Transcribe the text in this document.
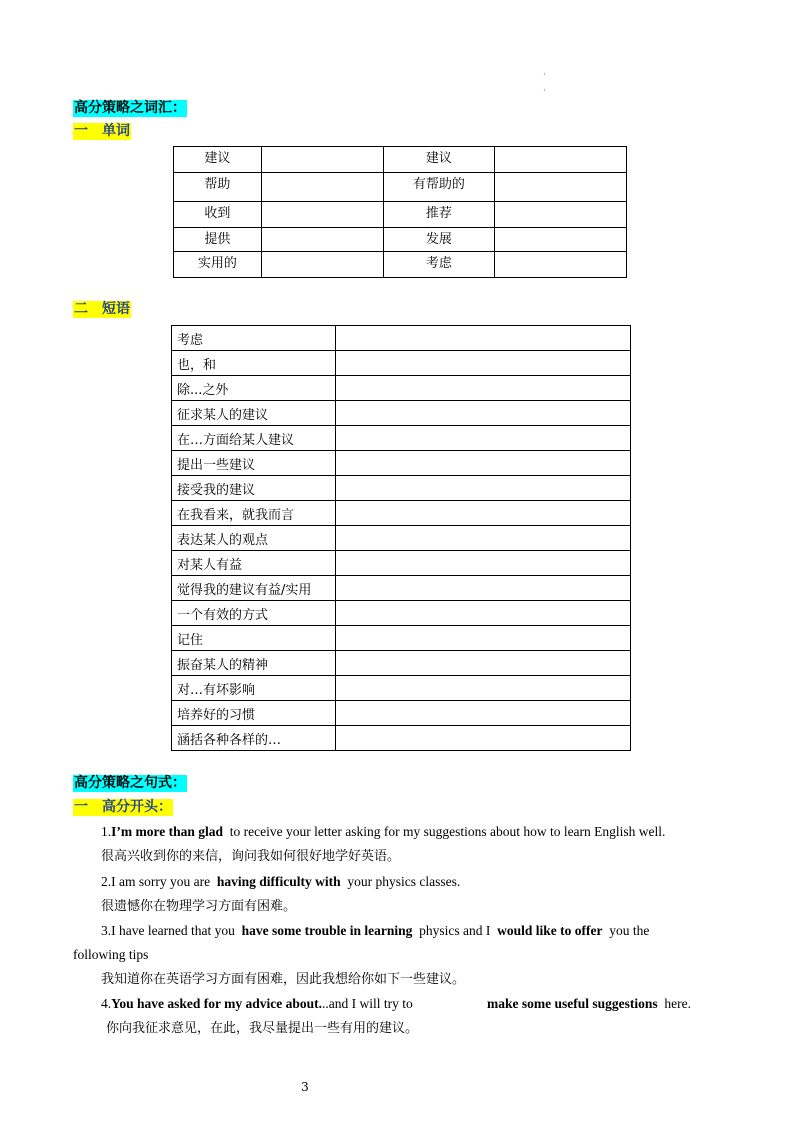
·
·
高分策略之词汇：
一 单词
建议		建议	
帮助		有帮助的	
收到		推荐	
提供		发展	
实用的		考虑	
二 短语
考虑	
也，和	
除...之外	
征求某人的建议	
在…方面给某人建议	
提出一些建议	
接受我的建议	
在我看来，就我而言	
表达某人的观点	
对某人有益	
觉得我的建议有益/实用	
一个有效的方式	
记住	
振奋某人的精神	
对…有坏影响	
培养好的习惯	
涵括各种各样的…	
高分策略之句式：
一 高分开头：
1.I’m more than glad to receive your letter asking for my suggestions about how to learn English well.
很高兴收到你的来信，询问我如何很好地学好英语。
2.I am sorry you are having difficulty with your physics classes.
很遗憾你在物理学习方面有困难。
3.I have learned that you have some trouble in learning physics and I would like to offer you the
following tips
我知道你在英语学习方面有困难，因此我想给你如下一些建议。
4.You have asked for my advice about...and I will try to	make some useful suggestions here.
你向我征求意见，在此，我尽量提出一些有用的建议。
3
